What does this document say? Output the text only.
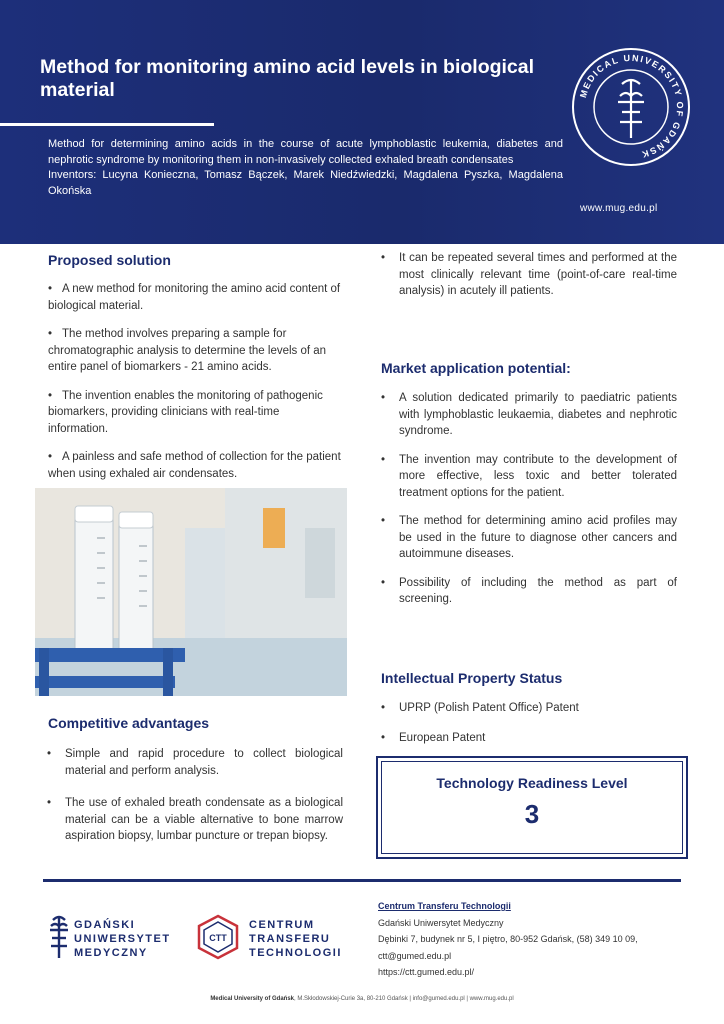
Method for monitoring amino acid levels in biological material

Method for determining amino acids in the course of acute lymphoblastic leukemia, diabetes and nephrotic syndrome by monitoring them in non-invasively collected exhaled breath condensates

Inventors: Lucyna Konieczna, Tomasz Bączek, Marek Niedźwiedzki, Magdalena Pyszka, Magdalena Okońska

MEDICAL UNIVERSITY OF GDAŃSK
www.mug.edu.pl
Proposed solution
• A new method for monitoring the amino acid content of biological material.
• The method involves preparing a sample for chromatographic analysis to determine the levels of an entire panel of biomarkers - 21 amino acids.
• The invention enables the monitoring of pathogenic biomarkers, providing clinicians with real-time information.
• A painless and safe method of collection for the patient when using exhaled air condensates.
Competitive advantages
• Simple and rapid procedure to collect biological material and perform analysis.
• The use of exhaled breath condensate as a biological material can be a viable alternative to bone marrow aspiration biopsy, lumbar puncture or trepan biopsy.
• It can be repeated several times and performed at the most clinically relevant time (point-of-care real-time analysis) in acutely ill patients.
Market application potential:
• A solution dedicated primarily to paediatric patients with lymphoblastic leukaemia, diabetes and nephrotic syndrome.
• The invention may contribute to the development of more effective, less toxic and better tolerated treatment options for the patient.
• The method for determining amino acid profiles may be used in the future to diagnose other cancers and autoimmune diseases.
• Possibility of including the method as part of screening.
Intellectual Property Status
• UPRP (Polish Patent Office) Patent
• European Patent
Technology Readiness Level
3
GDAŃSKI
UNIWERSYTET
MEDYCZNY
CTT
CENTRUM
TRANSFERU
TECHNOLOGII
Centrum Transferu Technologii
Gdański Uniwersytet Medyczny
Dębinki 7, budynek nr 5, I piętro, 80-952 Gdańsk, (58) 349 10 09,
ctt@gumed.edu.pl
https://ctt.gumed.edu.pl/
Medical University of Gdańsk, M.Skłodowskiej-Curie 3a, 80-210 Gdańsk | info@gumed.edu.pl | www.mug.edu.pl
